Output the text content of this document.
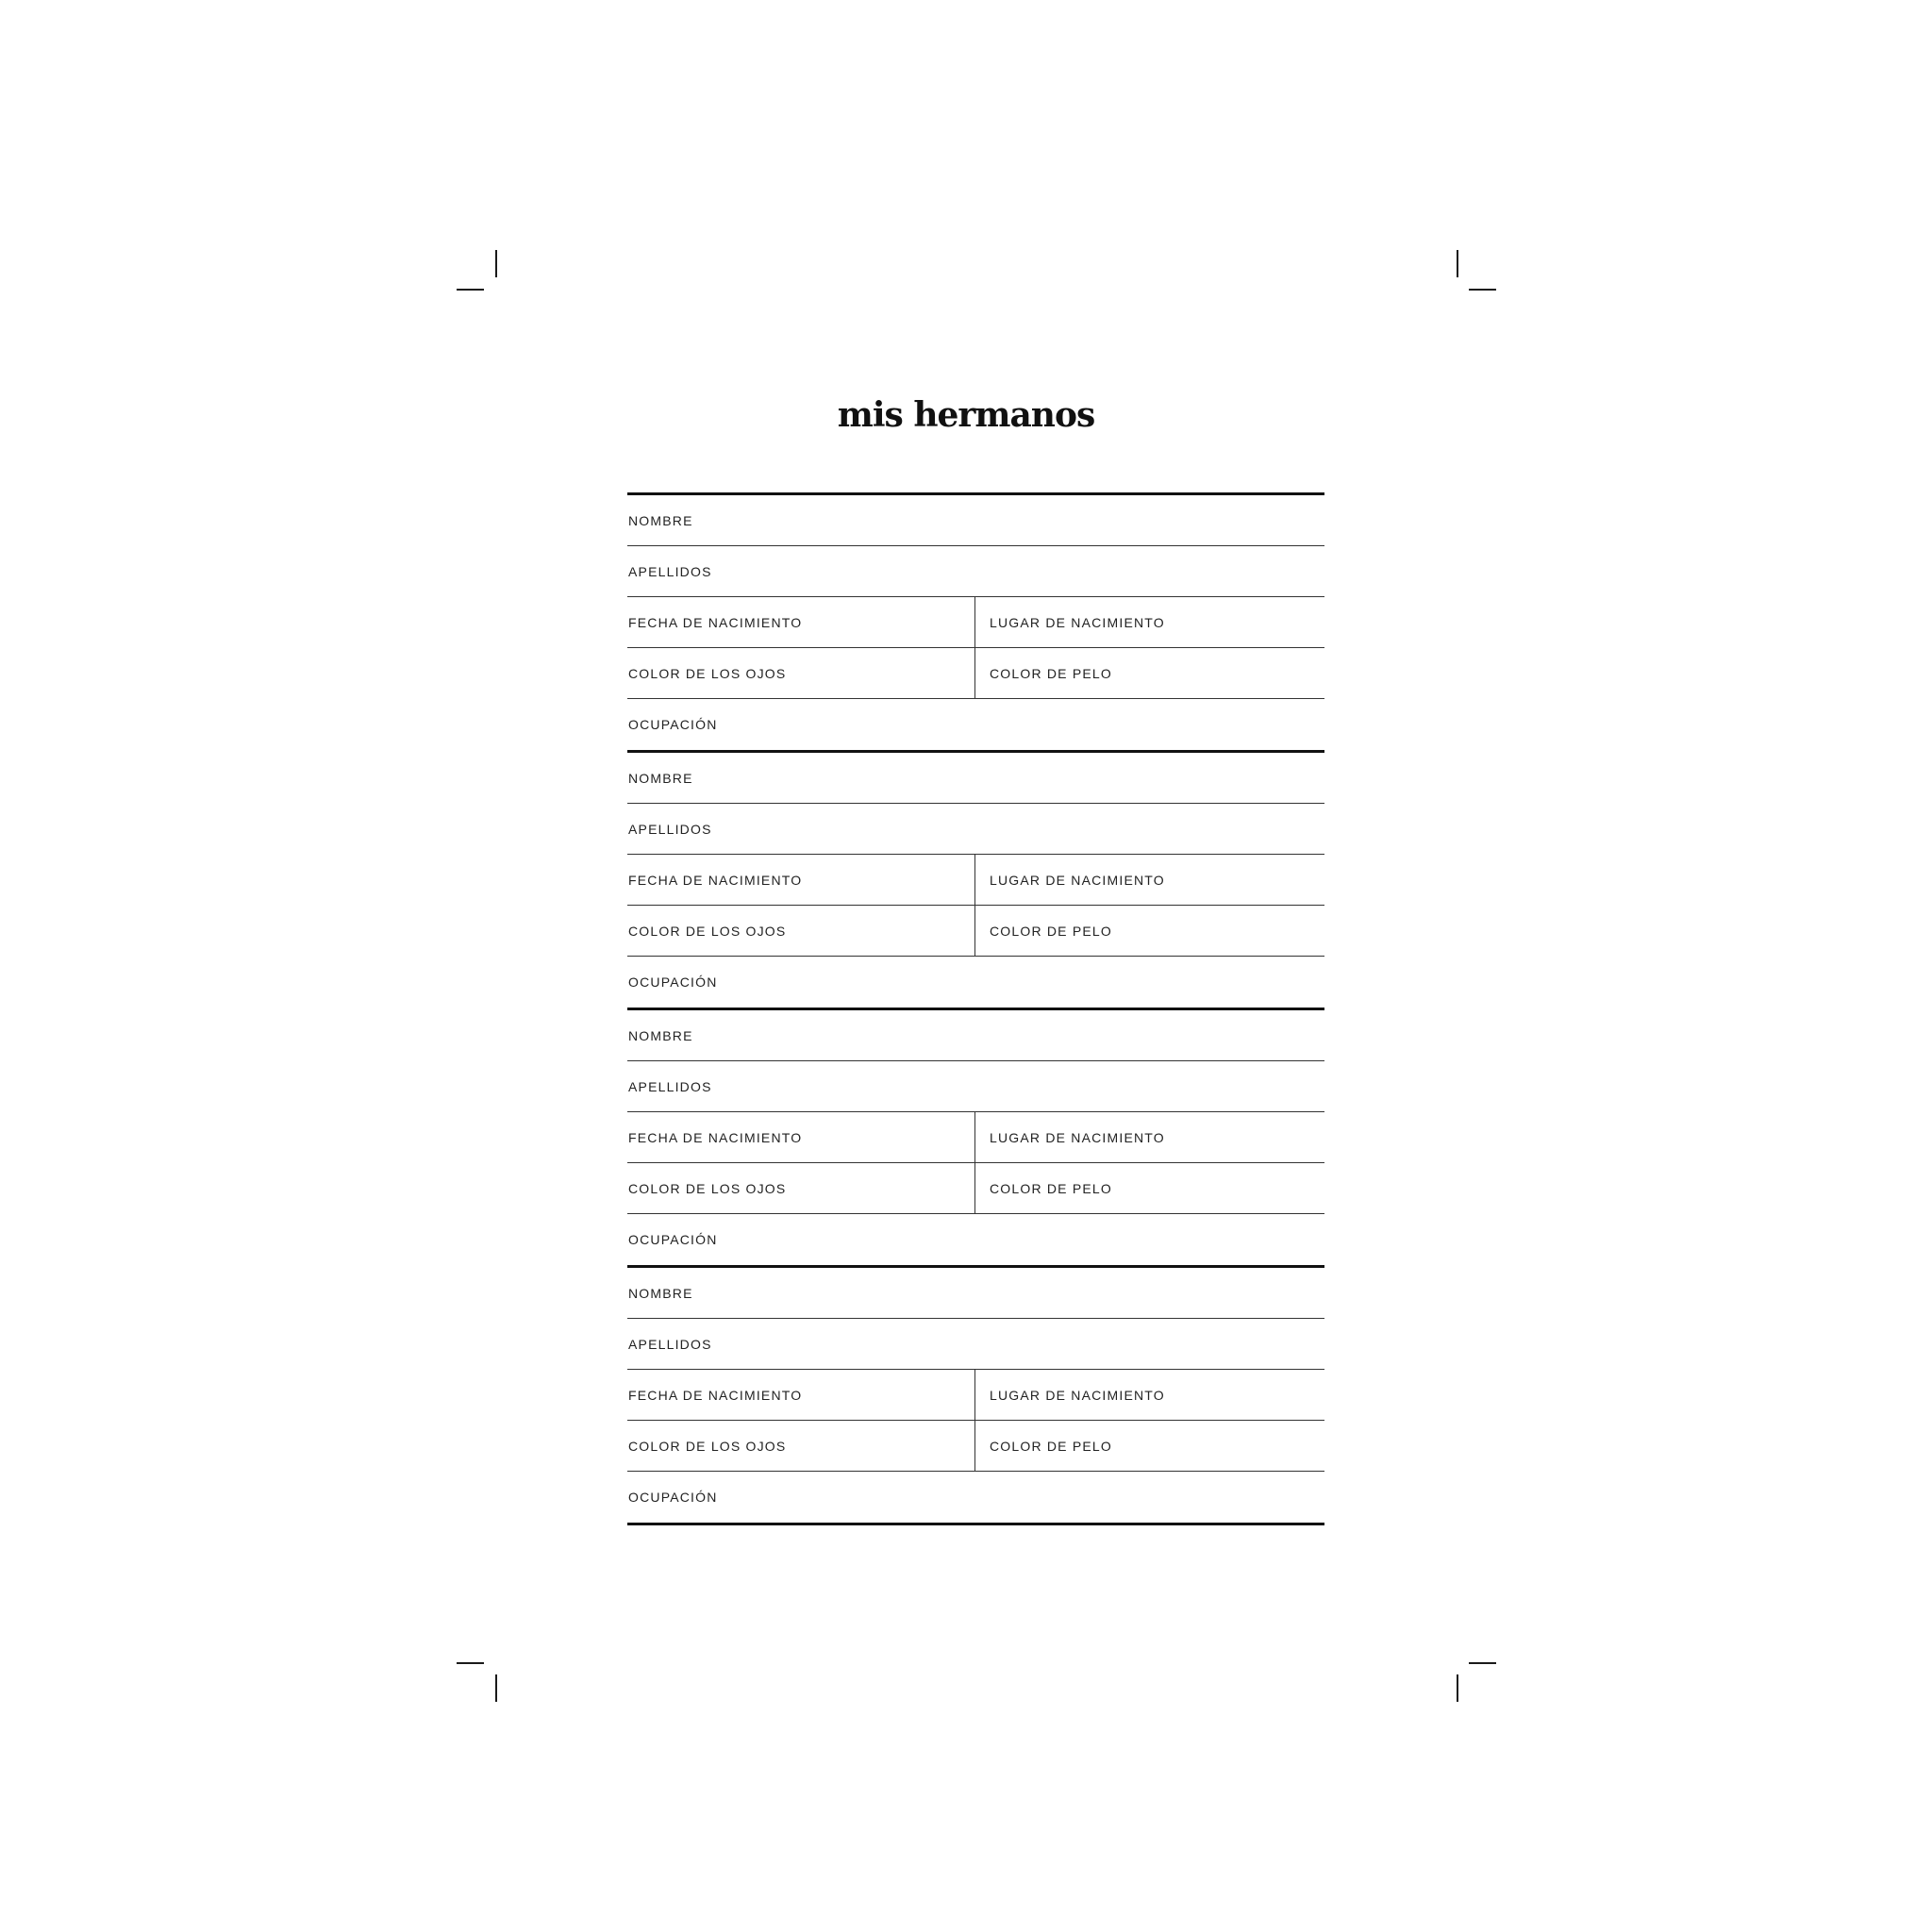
mis hermanos
NOMBRE
APELLIDOS
FECHA DE NACIMIENTO	LUGAR DE NACIMIENTO
COLOR DE LOS OJOS	COLOR DE PELO
OCUPACIÓN
NOMBRE
APELLIDOS
FECHA DE NACIMIENTO	LUGAR DE NACIMIENTO
COLOR DE LOS OJOS	COLOR DE PELO
OCUPACIÓN
NOMBRE
APELLIDOS
FECHA DE NACIMIENTO	LUGAR DE NACIMIENTO
COLOR DE LOS OJOS	COLOR DE PELO
OCUPACIÓN
NOMBRE
APELLIDOS
FECHA DE NACIMIENTO	LUGAR DE NACIMIENTO
COLOR DE LOS OJOS	COLOR DE PELO
OCUPACIÓN
